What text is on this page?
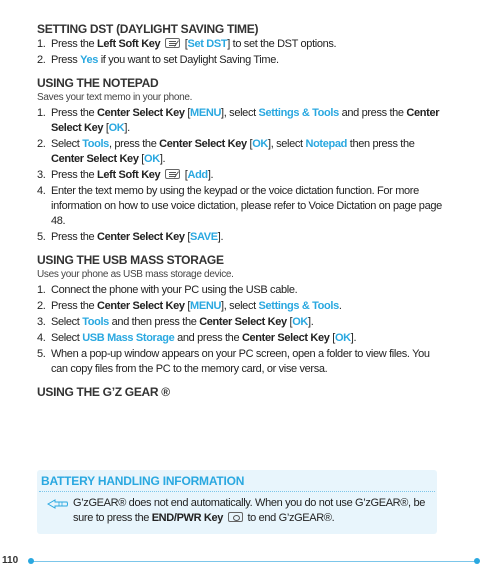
SETTING DST (DAYLIGHT SAVING TIME)
1. Press the Left Soft Key  [Set DST] to set the DST options.
2. Press Yes if you want to set Daylight Saving Time.
USING THE NOTEPAD
Saves your text memo in your phone.
1. Press the Center Select Key [MENU], select Settings & Tools and press the Center Select Key [OK].
2. Select Tools, press the Center Select Key [OK], select Notepad then press the Center Select Key [OK].
3. Press the Left Soft Key  [Add].
4. Enter the text memo by using the keypad or the voice dictation function. For more information on how to use voice dictation, please refer to Voice Dictation on page page 48.
5. Press the Center Select Key [SAVE].
USING THE USB MASS STORAGE
Uses your phone as USB mass storage device.
1. Connect the phone with your PC using the USB cable.
2. Press the Center Select Key [MENU], select Settings & Tools.
3. Select Tools and then press the Center Select Key [OK].
4. Select USB Mass Storage and press the Center Select Key [OK].
5. When a pop-up window appears on your PC screen, open a folder to view files. You can copy files from the PC to the memory card, or vise versa.
USING THE G’Z GEAR ®
BATTERY HANDLING INFORMATION
G’zGEAR® does not end automatically. When you do not use G’zGEAR®, be sure to press the END/PWR Key  to end G’zGEAR®.
110
